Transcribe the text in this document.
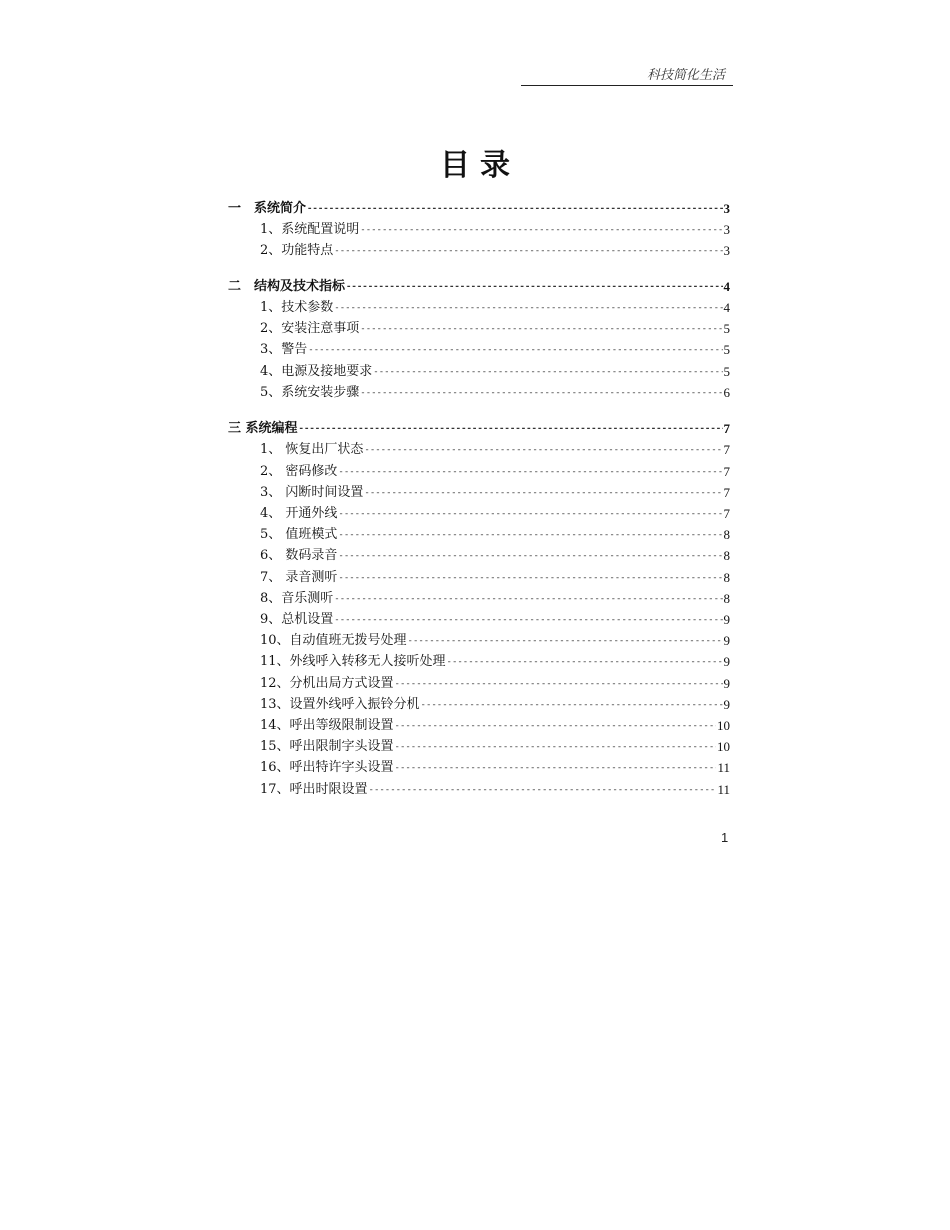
科技简化生活
目录
一　系统简介 -----	3
1、系统配置说明 -----	3
2、功能特点 -----	3
二　结构及技术指标 -----	4
1、技术参数 -----	4
2、安装注意事项 -----	5
3、警告 -----	5
4、电源及接地要求 -----	5
5、系统安装步骤 -----	6
三 系统编程 -----	7
1、 恢复出厂状态 -----	7
2、 密码修改 -----	7
3、 闪断时间设置 -----	7
4、 开通外线 -----	7
5、 值班模式 -----	8
6、 数码录音 -----	8
7、 录音测听 -----	8
8、音乐测听 -----	8
9、总机设置 -----	9
10、自动值班无拨号处理 -----	9
11、外线呼入转移无人接听处理 -----	9
12、分机出局方式设置 -----	9
13、设置外线呼入振铃分机 -----	9
14、呼出等级限制设置 -----	10
15、呼出限制字头设置 -----	10
16、呼出特许字头设置 -----	11
17、呼出时限设置 -----	11
1
